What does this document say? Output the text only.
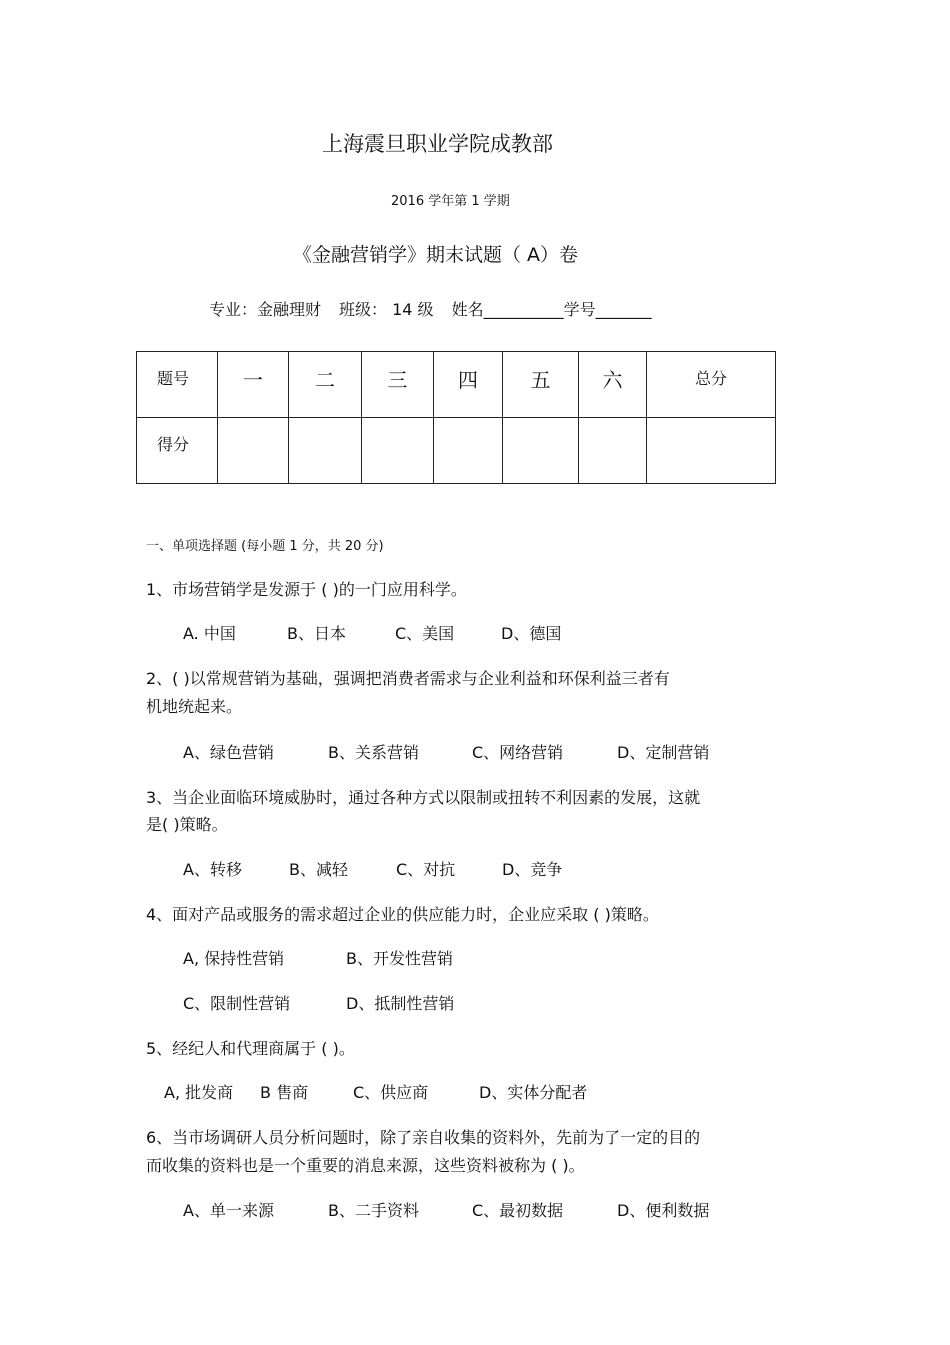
上海震旦职业学院成教部
2016 学年第 1 学期
《金融营销学》期末试题（ A）卷
专业：金融理财 班级： 14 级 姓名__________学号_______
题号	一	二	三	四	五	六	总分
得分							
一、单项选择题 (每小题 1 分，共 20 分)
1、市场营销学是发源于 ( )的一门应用科学。
A. 中国	B、日本	C、美国	D、德国
2、( )以常规营销为基础，强调把消费者需求与企业利益和环保利益三者有
机地统起来。
A、绿色营销	B、关系营销	C、网络营销	D、定制营销
3、当企业面临环境威胁时，通过各种方式以限制或扭转不利因素的发展，这就
是( )策略。
A、转移	B、减轻	C、对抗	D、竞争
4、面对产品或服务的需求超过企业的供应能力时，企业应采取 ( )策略。
A, 保持性营销	B、开发性营销
C、限制性营销	D、抵制性营销
5、经纪人和代理商属于 ( )。
A, 批发商 B 售商	C、供应商	D、实体分配者
6、当市场调研人员分析问题时，除了亲自收集的资料外，先前为了一定的目的
而收集的资料也是一个重要的消息来源，这些资料被称为 ( )。
A、单一来源	B、二手资料	C、最初数据	D、便利数据
